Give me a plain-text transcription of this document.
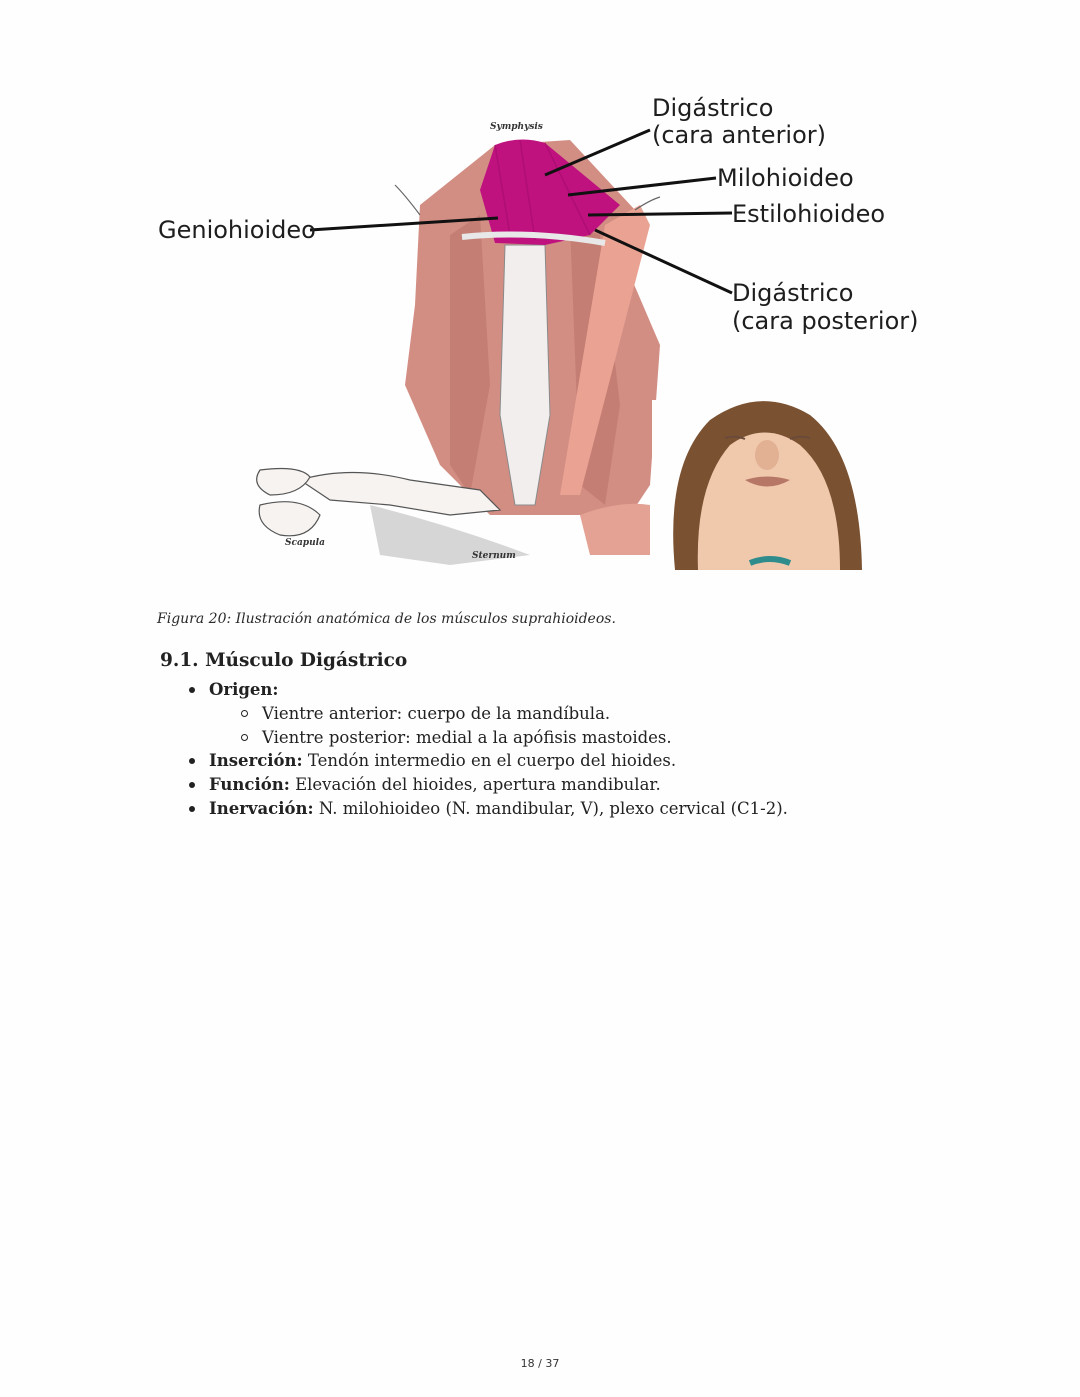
Digástrico
(cara anterior)
Milohioideo
Estilohioideo
Geniohioideo
Digástrico
(cara posterior)
Symphysis
Scapula
Sternum
Figura 20: Ilustración anatómica de los músculos suprahioideos.
9.1. Músculo Digástrico
Origen:
Vientre anterior: cuerpo de la mandíbula.
Vientre posterior: medial a la apófisis mastoides.
Inserción: Tendón intermedio en el cuerpo del hioides.
Función: Elevación del hioides, apertura mandibular.
Inervación: N. milohioideo (N. mandibular, V), plexo cervical (C1-2).
18 / 37
